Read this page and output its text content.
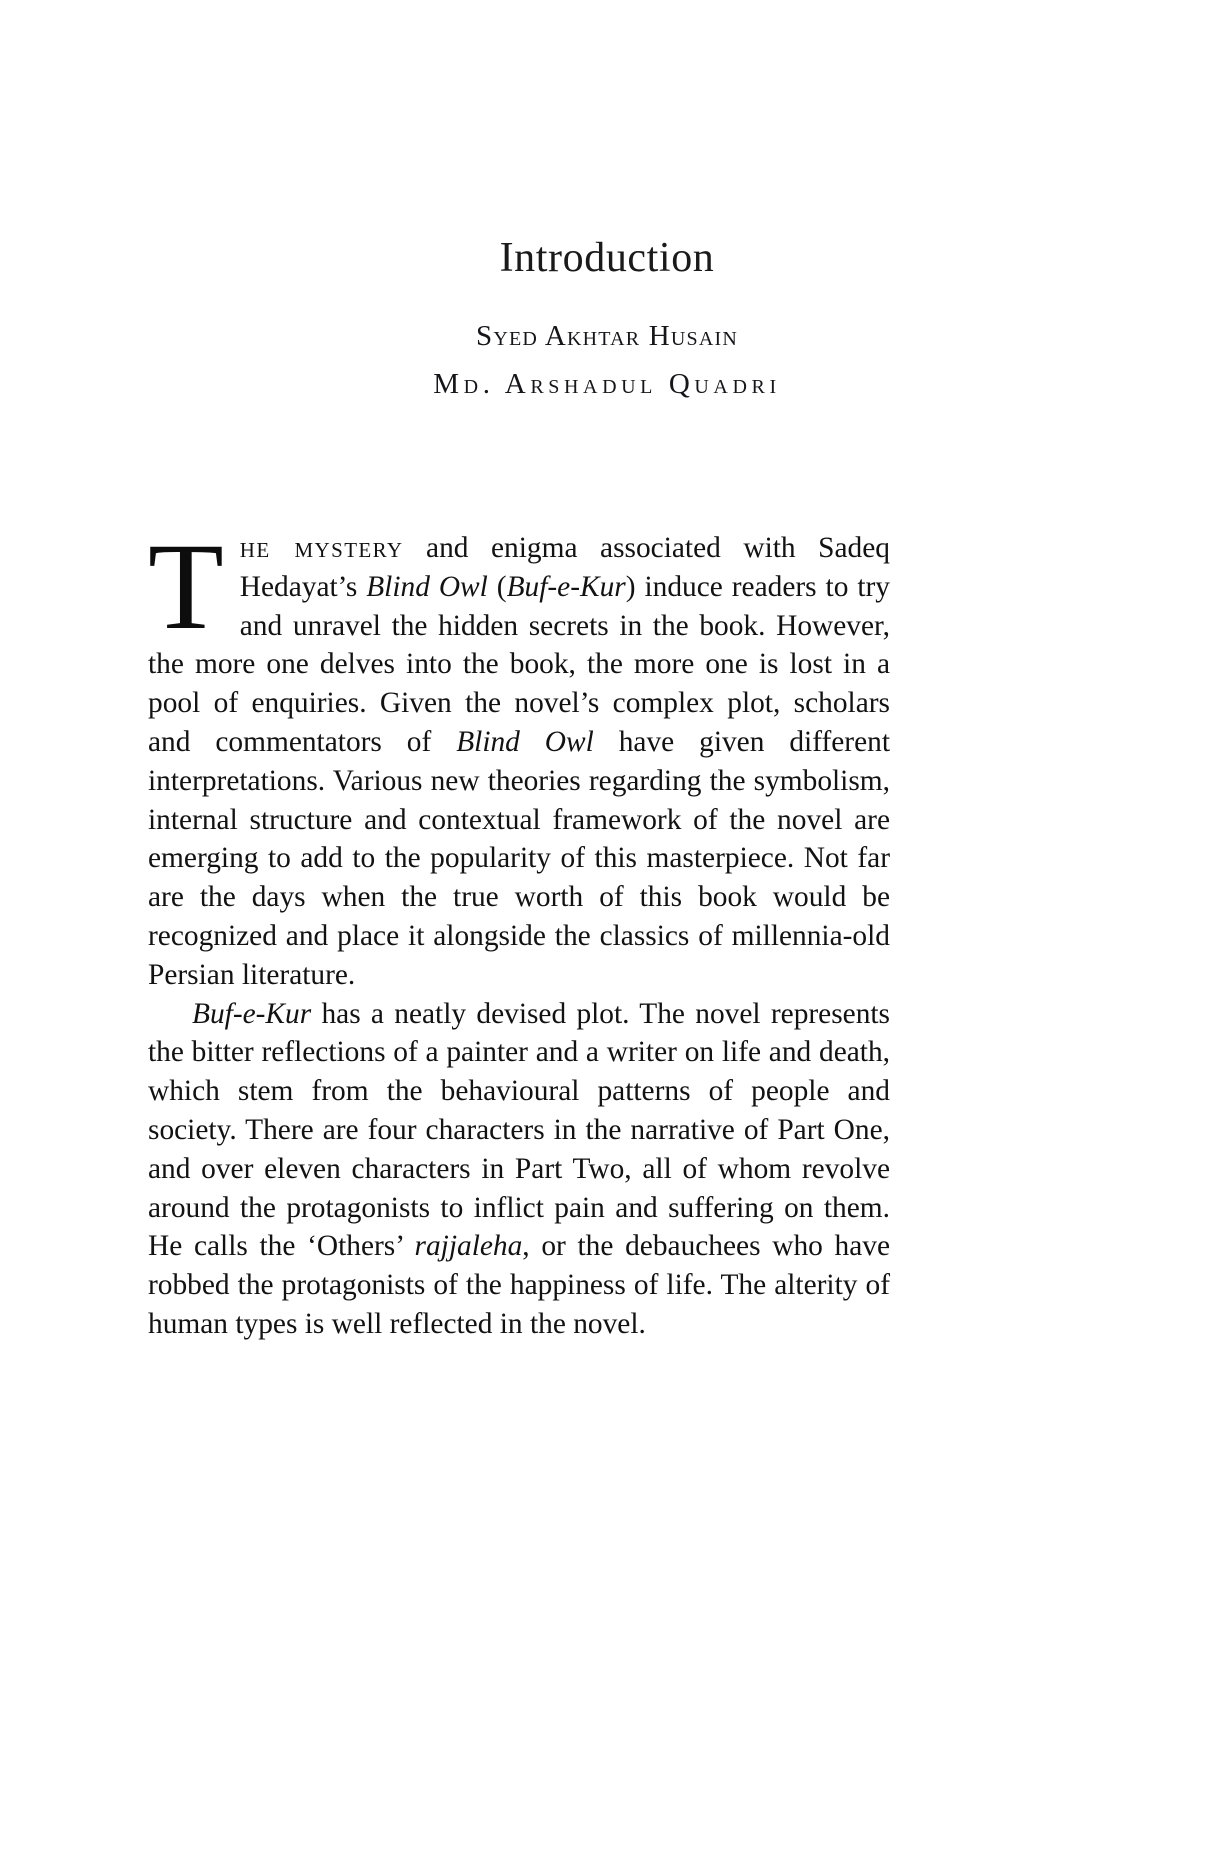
Introduction
Syed Akhtar Husain
Md. Arshadul Quadri

The mystery and enigma associated with Sadeq Hedayat’s Blind Owl (Buf-e-Kur) induce readers to try and unravel the hidden secrets in the book. However, the more one delves into the book, the more one is lost in a pool of enquiries. Given the novel’s complex plot, scholars and commentators of Blind Owl have given different interpretations. Various new theories regarding the symbolism, internal structure and contextual framework of the novel are emerging to add to the popularity of this masterpiece. Not far are the days when the true worth of this book would be recognized and place it alongside the classics of millennia-old Persian literature.

Buf-e-Kur has a neatly devised plot. The novel represents the bitter reflections of a painter and a writer on life and death, which stem from the behavioural patterns of people and society. There are four characters in the narrative of Part One, and over eleven characters in Part Two, all of whom revolve around the protagonists to inflict pain and suffering on them. He calls the ‘Others’ rajjaleha, or the debauchees who have robbed the protagonists of the happiness of life. The alterity of human types is well reflected in the novel.
